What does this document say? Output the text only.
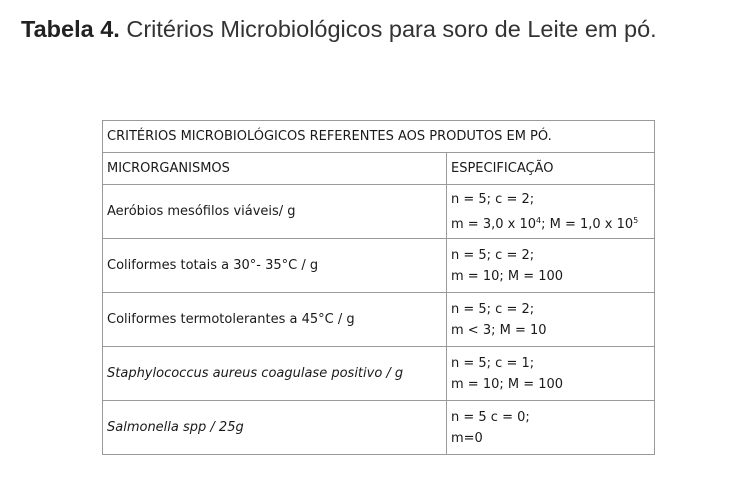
Tabela 4. Critérios Microbiológicos para soro de Leite em pó.
CRITÉRIOS MICROBIOLÓGICOS REFERENTES AOS PRODUTOS EM PÓ.	
MICRORGANISMOS	ESPECIFICAÇÃO
Aeróbios mesófilos viáveis/ g	n = 5; c = 2;
m = 3,0 x $10^4$; M = 1,0 x $10^5$

Coliformes totais a 30°- 35°C / g	n = 5; c = 2;
m = 10; M = 100

Coliformes termotolerantes a 45°C / g	n = 5; c = 2;
m < 3; M = 10

Staphylococcus aureus coagulase positivo / g	n = 5; c = 1;
m = 10; M = 100

Salmonella spp / 25g	n = 5 c = 0;
m=0
